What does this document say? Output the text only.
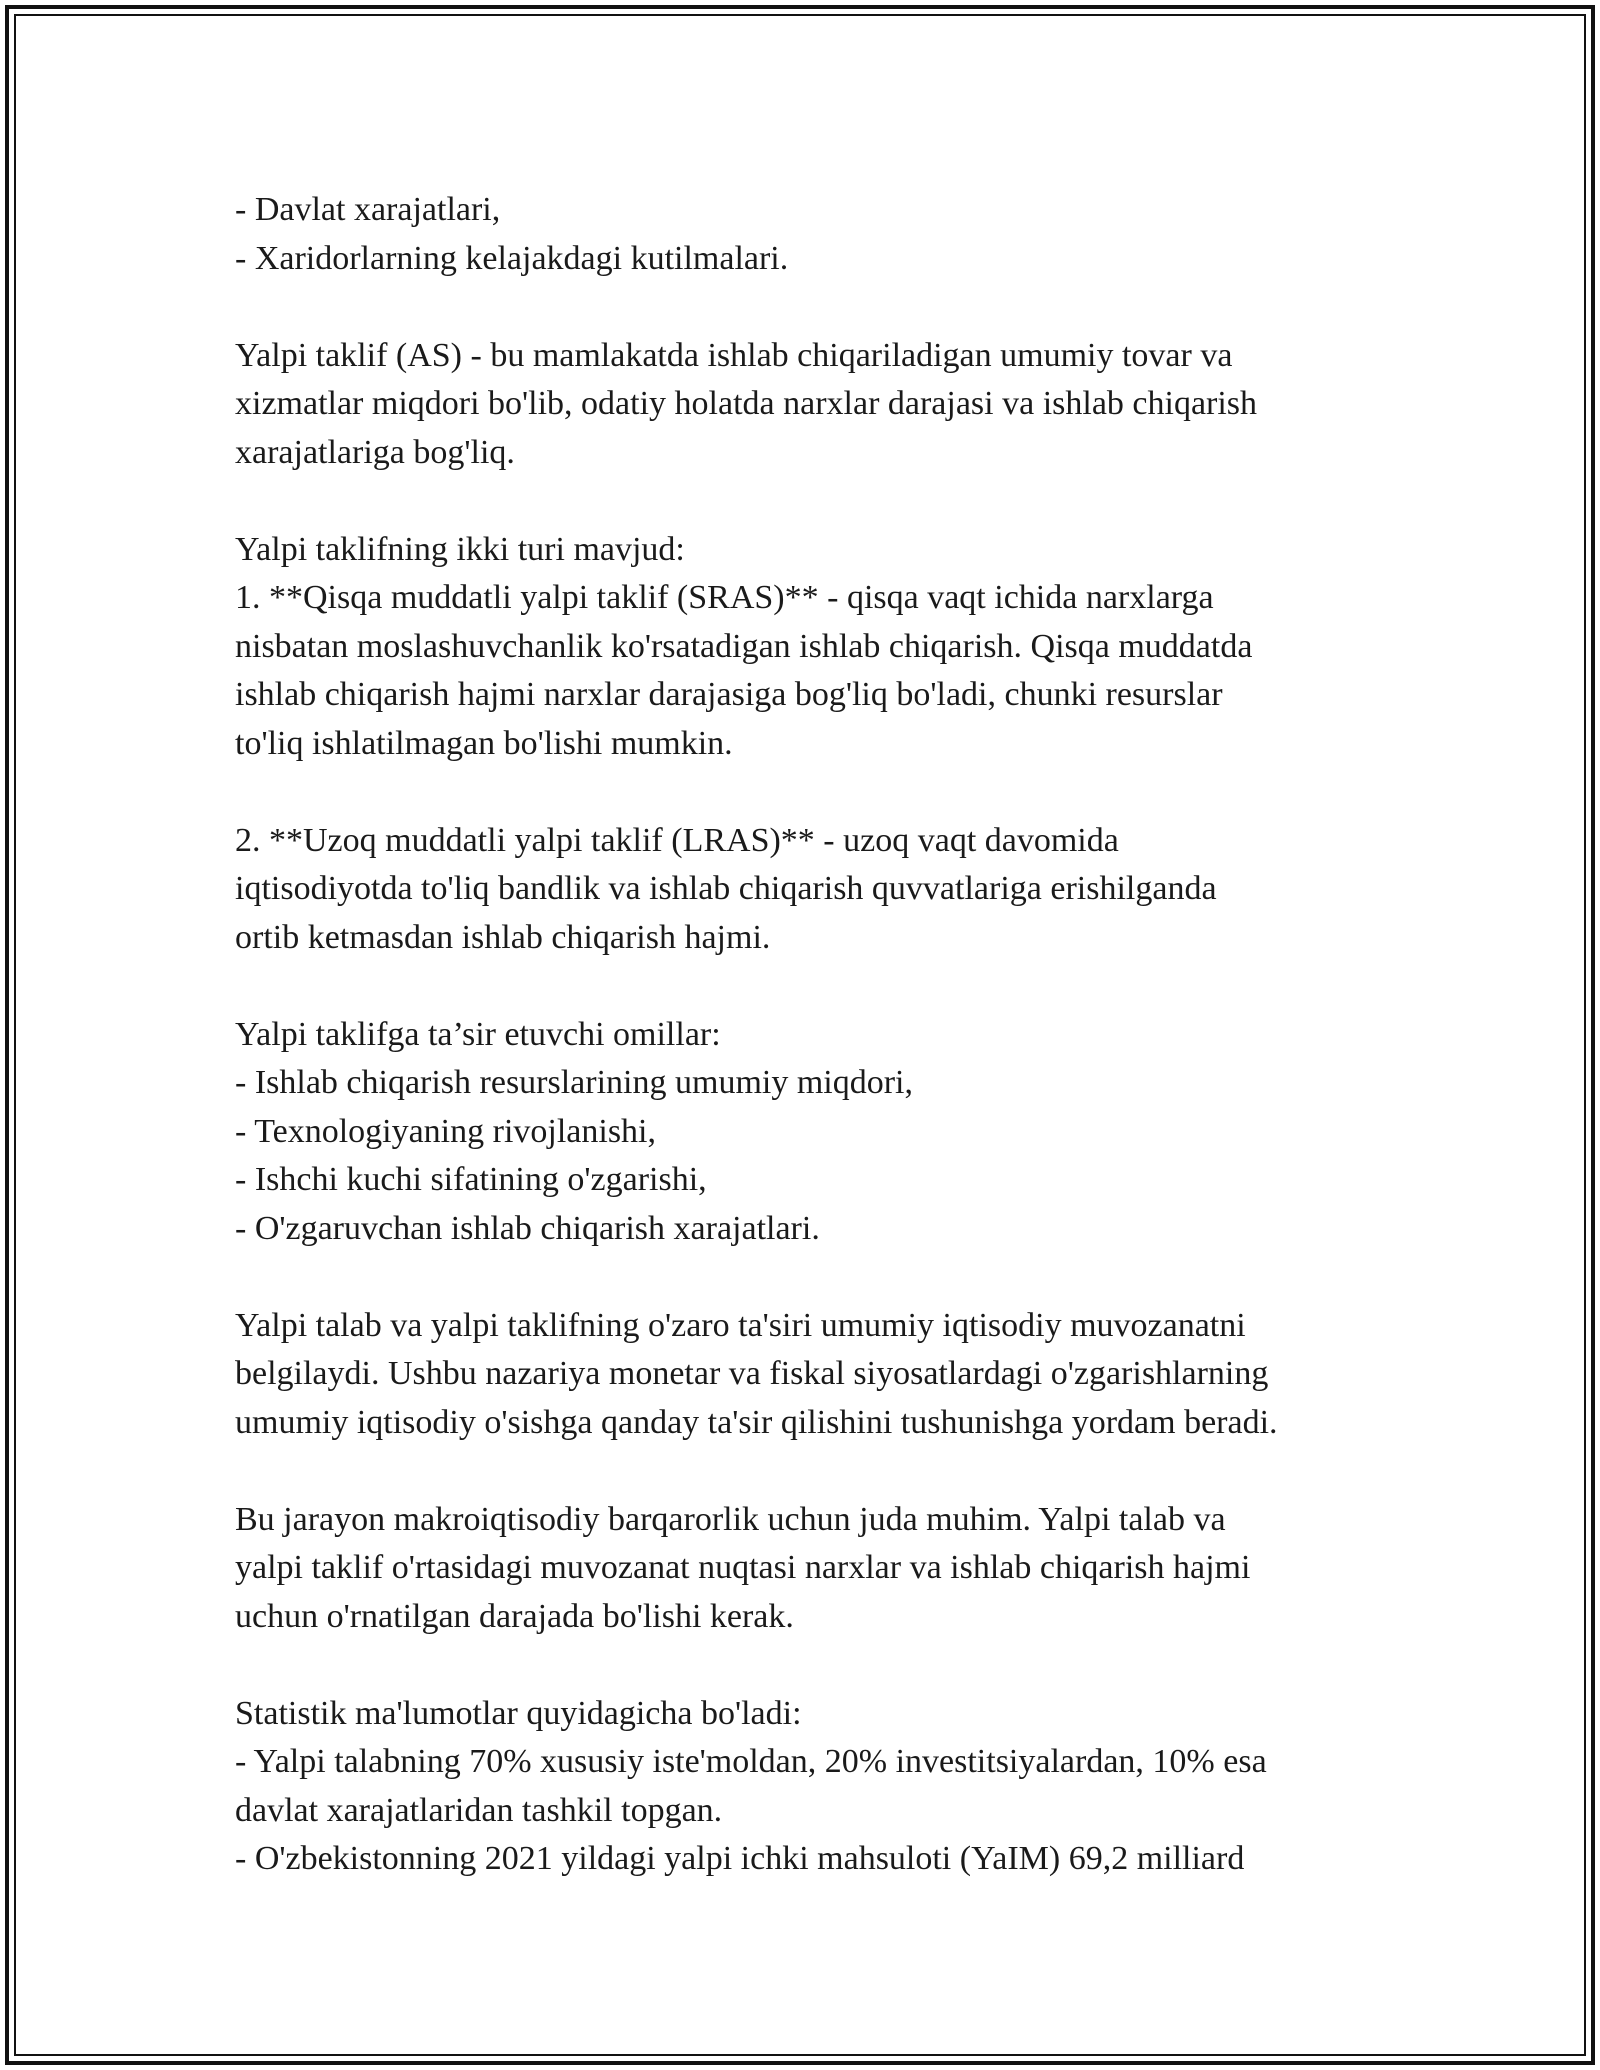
- Davlat xarajatlari,
- Xaridorlarning kelajakdagi kutilmalari.
Yalpi taklif (AS) - bu mamlakatda ishlab chiqariladigan umumiy tovar va
xizmatlar miqdori bo'lib, odatiy holatda narxlar darajasi va ishlab chiqarish
xarajatlariga bog'liq.
Yalpi taklifning ikki turi mavjud:
1. **Qisqa muddatli yalpi taklif (SRAS)** - qisqa vaqt ichida narxlarga
nisbatan moslashuvchanlik ko'rsatadigan ishlab chiqarish. Qisqa muddatda
ishlab chiqarish hajmi narxlar darajasiga bog'liq bo'ladi, chunki resurslar
to'liq ishlatilmagan bo'lishi mumkin.
2. **Uzoq muddatli yalpi taklif (LRAS)** - uzoq vaqt davomida
iqtisodiyotda to'liq bandlik va ishlab chiqarish quvvatlariga erishilganda
ortib ketmasdan ishlab chiqarish hajmi.
Yalpi taklifga ta’sir etuvchi omillar:
- Ishlab chiqarish resurslarining umumiy miqdori,
- Texnologiyaning rivojlanishi,
- Ishchi kuchi sifatining o'zgarishi,
- O'zgaruvchan ishlab chiqarish xarajatlari.
Yalpi talab va yalpi taklifning o'zaro ta'siri umumiy iqtisodiy muvozanatni
belgilaydi. Ushbu nazariya monetar va fiskal siyosatlardagi o'zgarishlarning
umumiy iqtisodiy o'sishga qanday ta'sir qilishini tushunishga yordam beradi.
Bu jarayon makroiqtisodiy barqarorlik uchun juda muhim. Yalpi talab va
yalpi taklif o'rtasidagi muvozanat nuqtasi narxlar va ishlab chiqarish hajmi
uchun o'rnatilgan darajada bo'lishi kerak.
Statistik ma'lumotlar quyidagicha bo'ladi:
- Yalpi talabning 70% xususiy iste'moldan, 20% investitsiyalardan, 10% esa
davlat xarajatlaridan tashkil topgan.
- O'zbekistonning 2021 yildagi yalpi ichki mahsuloti (YaIM) 69,2 milliard
